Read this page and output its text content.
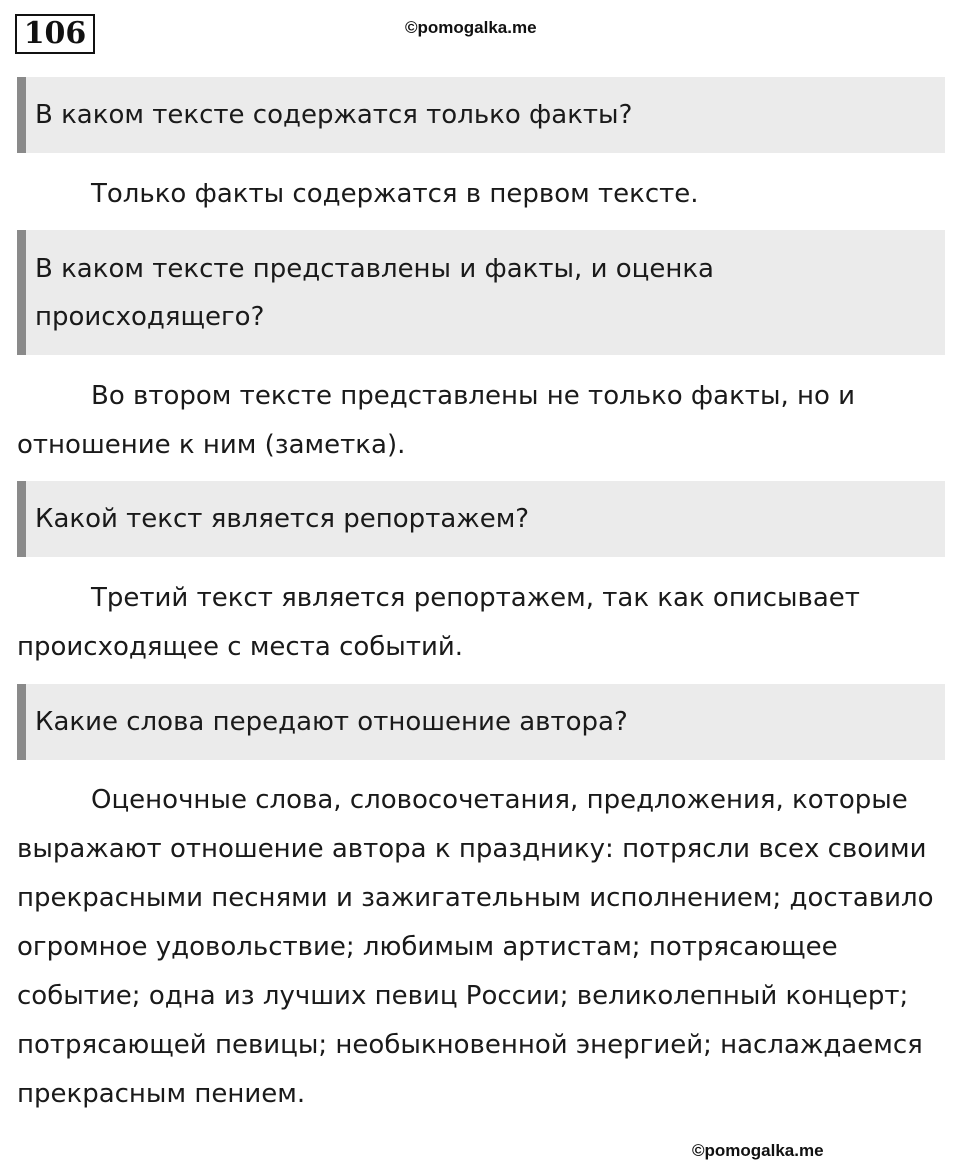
106	©pomogalka.me
В каком тексте содержатся только факты?

Только факты содержатся в первом тексте.

В каком тексте представлены и факты, и оценка происходящего?

Во втором тексте представлены не только факты, но и отношение к ним (заметка).

Какой текст является репортажем?

Третий текст является репортажем, так как описывает происходящее с места событий.

Какие слова передают отношение автора?

Оценочные слова, словосочетания, предложения, которые выражают отношение автора к празднику: потрясли всех своими прекрасными песнями и зажигательным исполнением; доставило огромное удовольствие; любимым артистам; потрясающее событие; одна из лучших певиц России; великолепный концерт; потрясающей певицы; необыкновенной энергией; наслаждаемся прекрасным пением.

©pomogalka.me
